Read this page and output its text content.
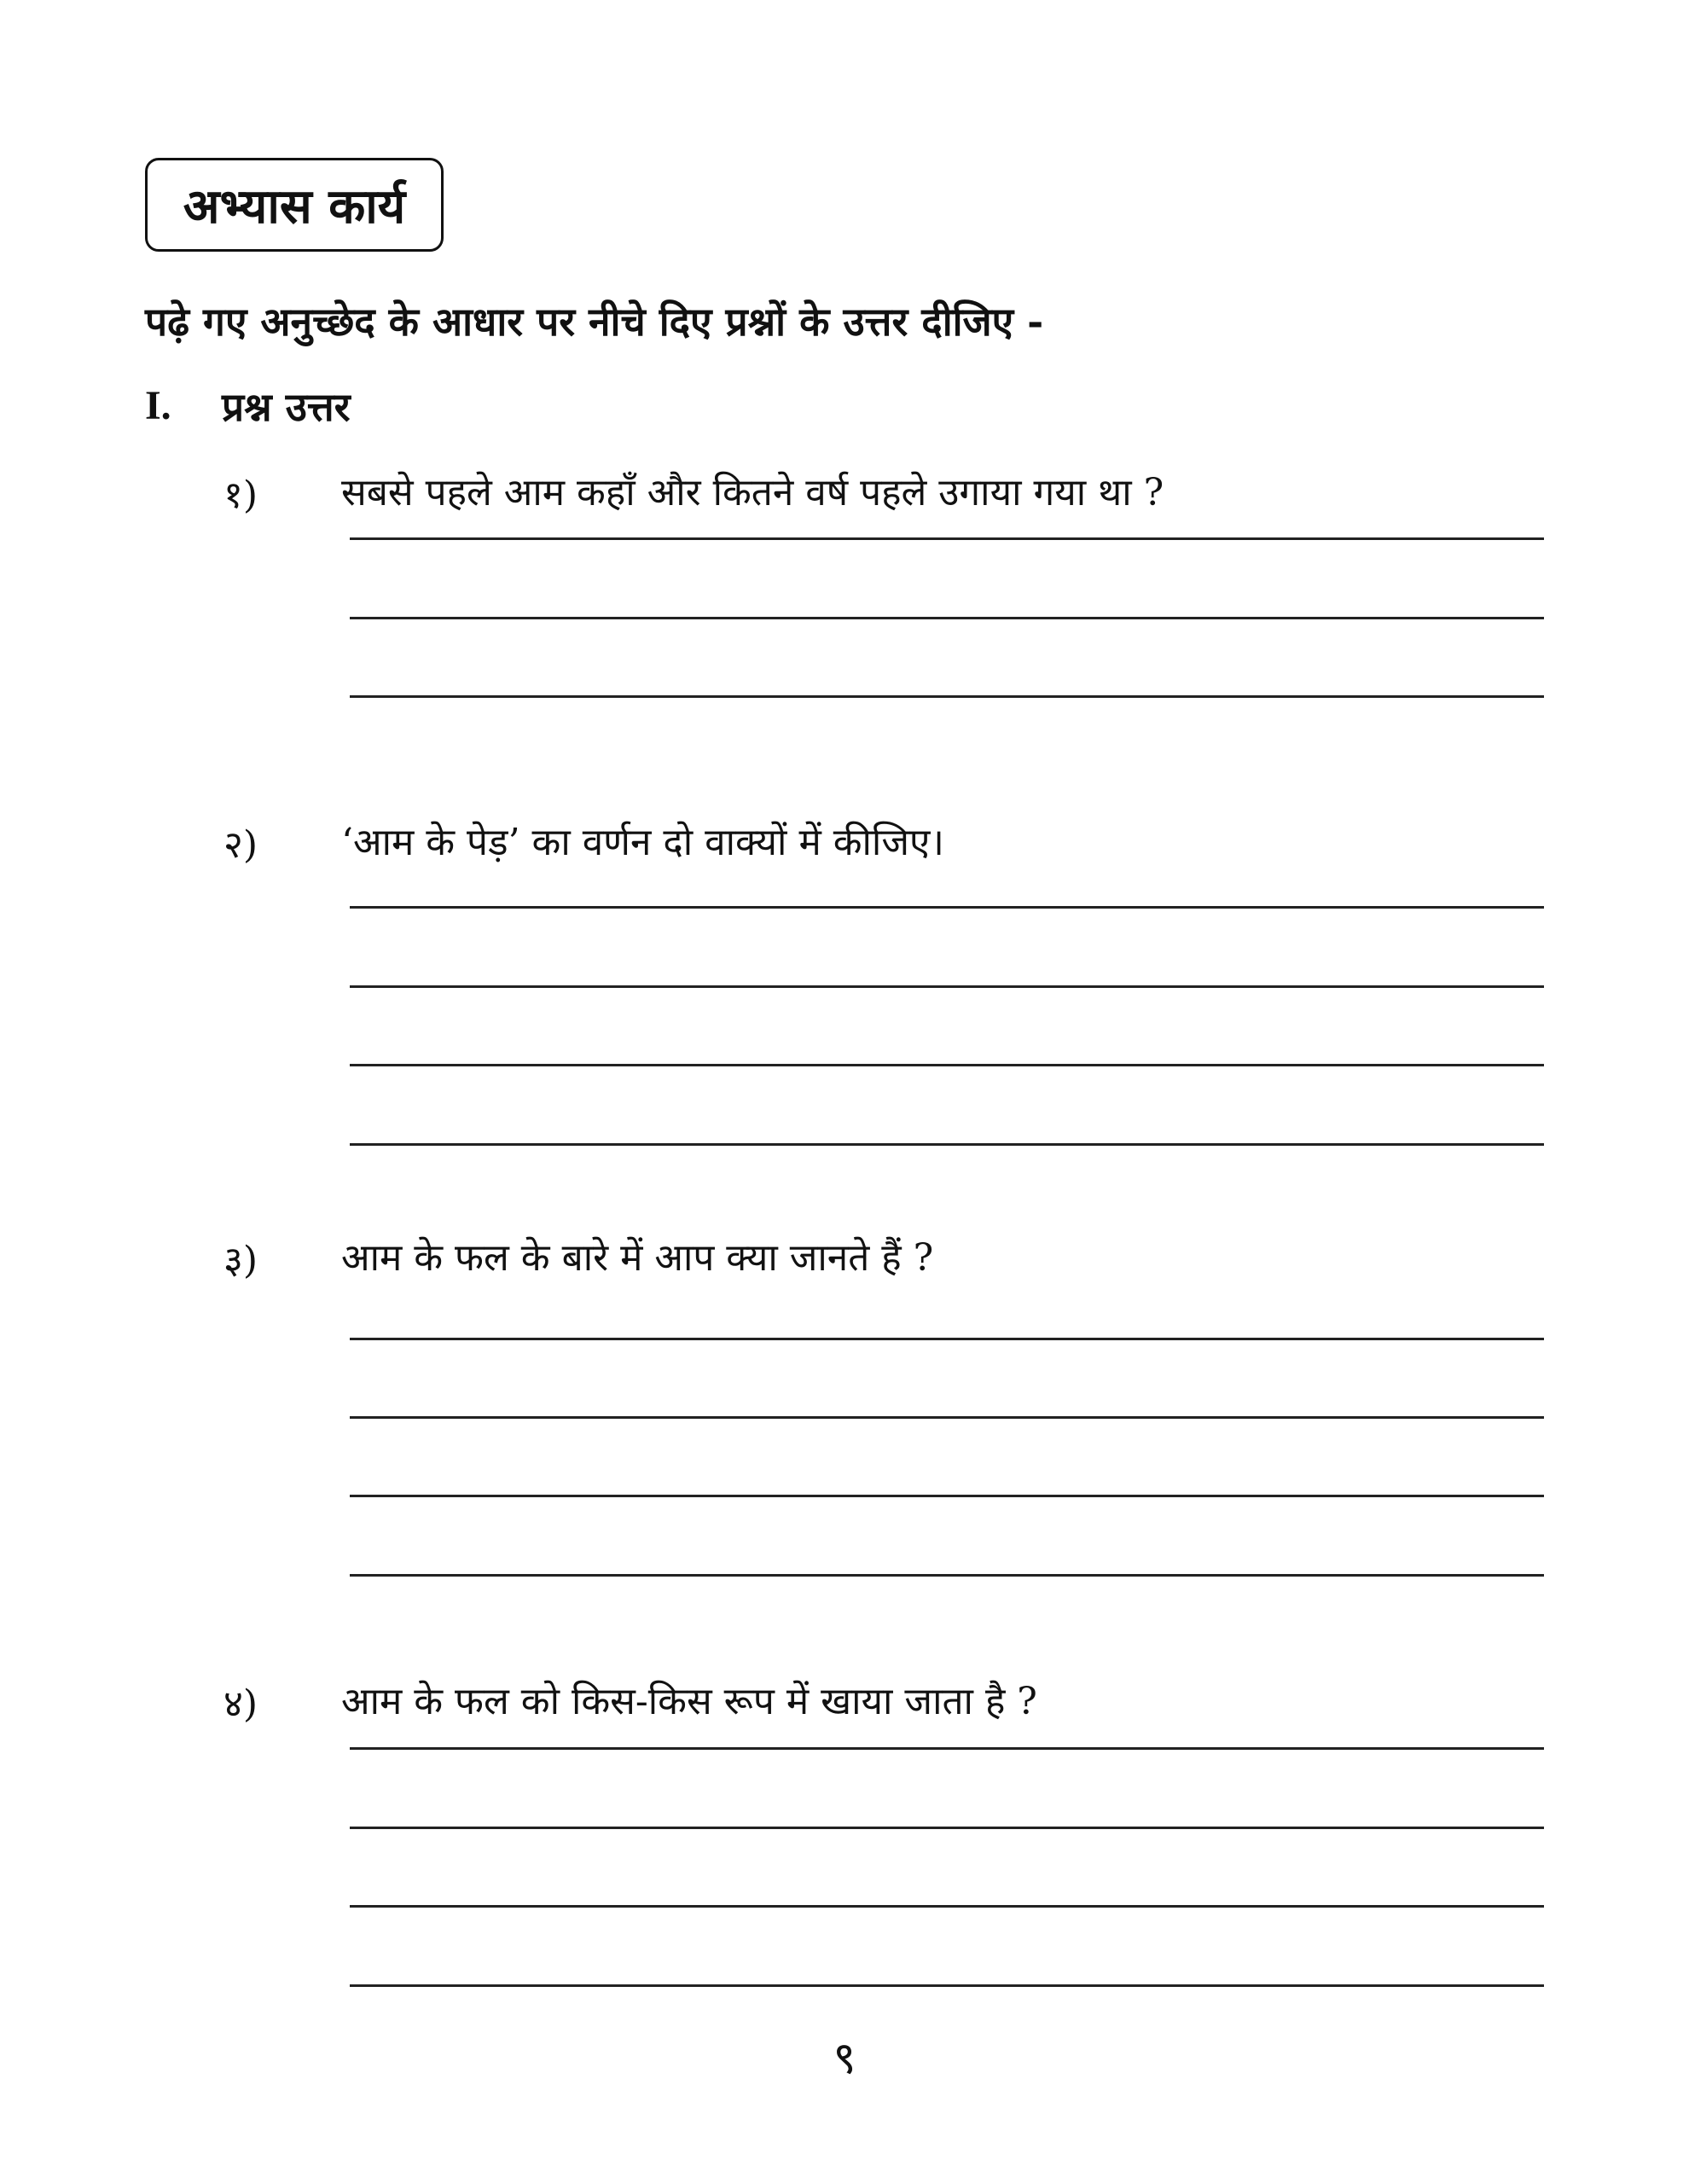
अभ्यास कार्य
पढ़े गए अनुच्छेद के आधार पर नीचे दिए प्रश्नों के उत्तर दीजिए -
I. प्रश्न उत्तर
१) सबसे पहले आम कहाँ और कितने वर्ष पहले उगाया गया था ?
२) ‘आम के पेड़’ का वर्णन दो वाक्यों में कीजिए।
३) आम के फल के बारे में आप क्या जानते हैं ?
४) आम के फल को किस-किस रूप में खाया जाता है ?
९
